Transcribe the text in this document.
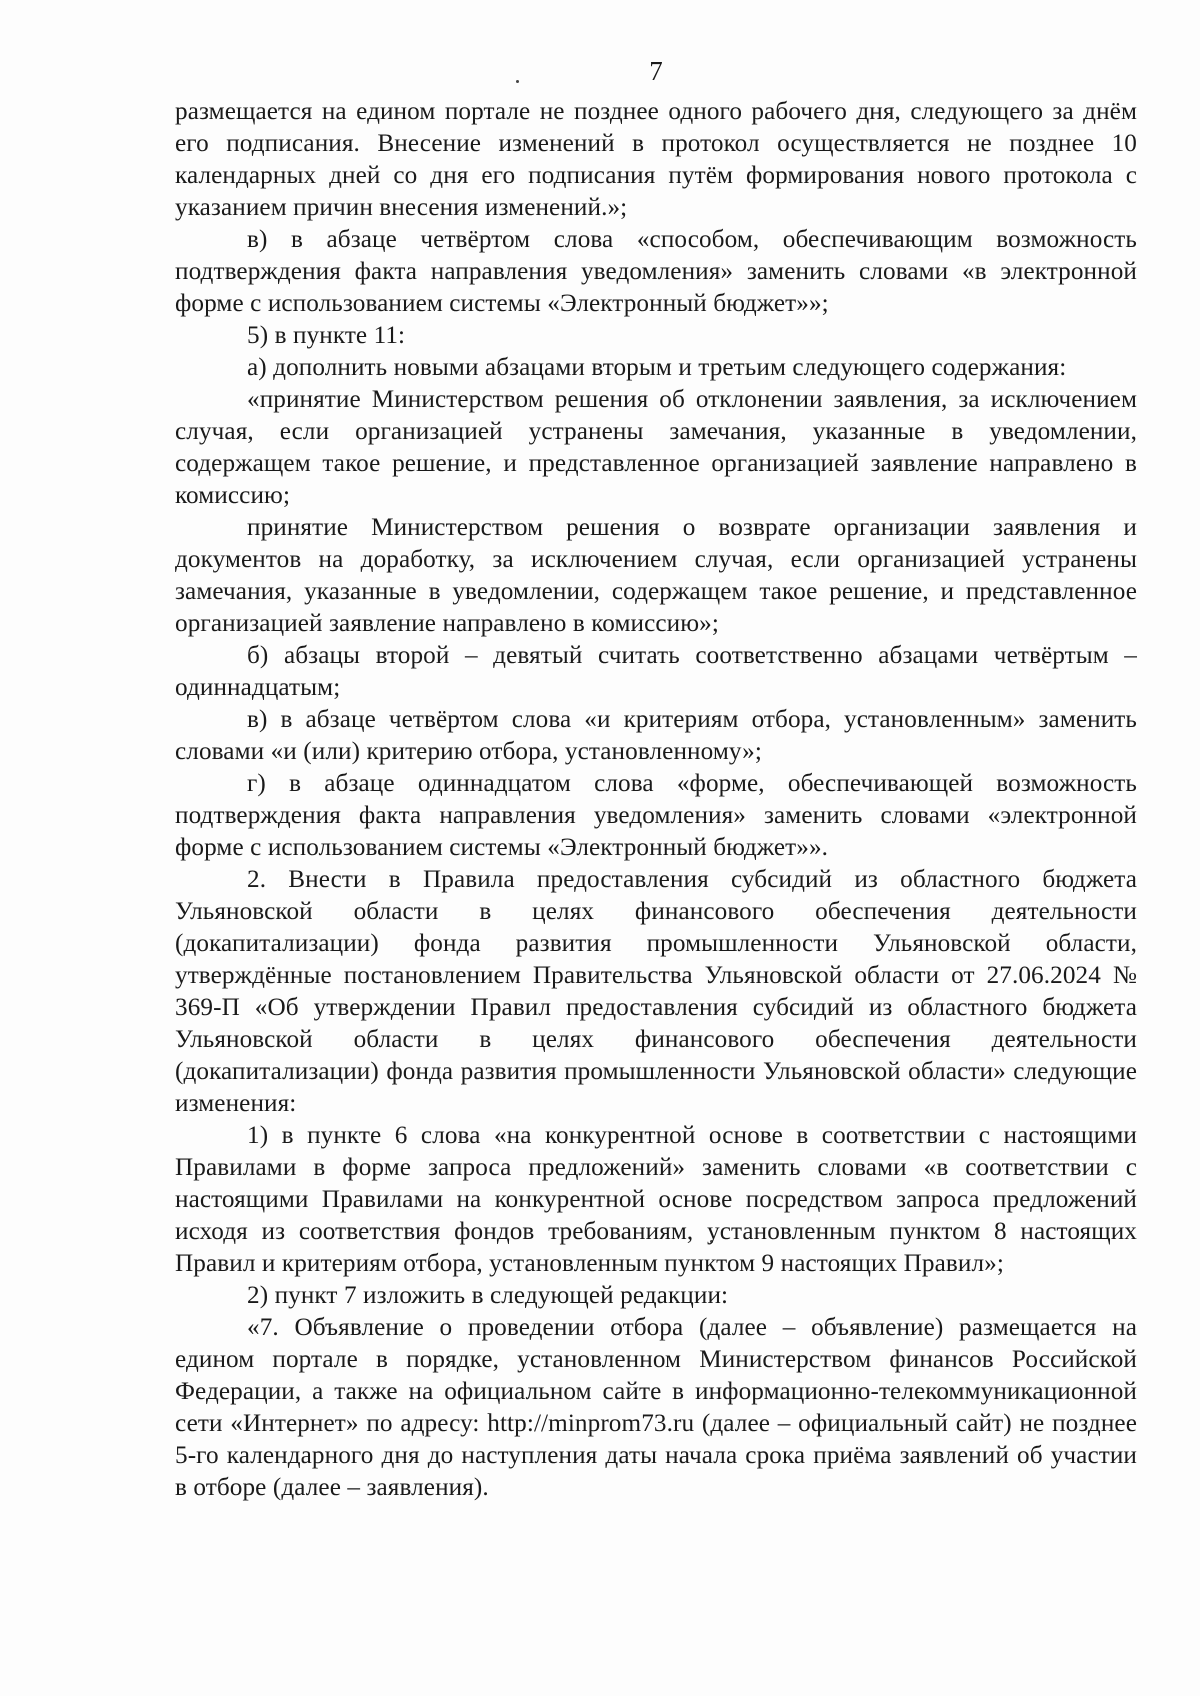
7

размещается на едином портале не позднее одного рабочего дня, следующего за днём его подписания. Внесение изменений в протокол осуществляется не позднее 10 календарных дней со дня его подписания путём формирования нового протокола с указанием причин внесения изменений.»;

в) в абзаце четвёртом слова «способом, обеспечивающим возможность подтверждения факта направления уведомления» заменить словами «в электронной форме с использованием системы «Электронный бюджет»»;

5) в пункте 11:

а) дополнить новыми абзацами вторым и третьим следующего содержания:

«принятие Министерством решения об отклонении заявления, за исключением случая, если организацией устранены замечания, указанные в уведомлении, содержащем такое решение, и представленное организацией заявление направлено в комиссию;

принятие Министерством решения о возврате организации заявления и документов на доработку, за исключением случая, если организацией устранены замечания, указанные в уведомлении, содержащем такое решение, и представленное организацией заявление направлено в комиссию»;

б) абзацы второй – девятый считать соответственно абзацами четвёртым – одиннадцатым;

в) в абзаце четвёртом слова «и критериям отбора, установленным» заменить словами «и (или) критерию отбора, установленному»;

г) в абзаце одиннадцатом слова «форме, обеспечивающей возможность подтверждения факта направления уведомления» заменить словами «электронной форме с использованием системы «Электронный бюджет»».

2. Внести в Правила предоставления субсидий из областного бюджета Ульяновской области в целях финансового обеспечения деятельности (докапитализации) фонда развития промышленности Ульяновской области, утверждённые постановлением Правительства Ульяновской области от 27.06.2024 № 369-П «Об утверждении Правил предоставления субсидий из областного бюджета Ульяновской области в целях финансового обеспечения деятельности (докапитализации) фонда развития промышленности Ульяновской области» следующие изменения:

1) в пункте 6 слова «на конкурентной основе в соответствии с настоящими Правилами в форме запроса предложений» заменить словами «в соответствии с настоящими Правилами на конкурентной основе посредством запроса предложений исходя из соответствия фондов требованиям, установленным пунктом 8 настоящих Правил и критериям отбора, установленным пунктом 9 настоящих Правил»;

2) пункт 7 изложить в следующей редакции:

«7. Объявление о проведении отбора (далее – объявление) размещается на едином портале в порядке, установленном Министерством финансов Российской Федерации, а также на официальном сайте в информационно-телекоммуникационной сети «Интернет» по адресу: http://minprom73.ru (далее – официальный сайт) не позднее 5-го календарного дня до наступления даты начала срока приёма заявлений об участии в отборе (далее – заявления).
